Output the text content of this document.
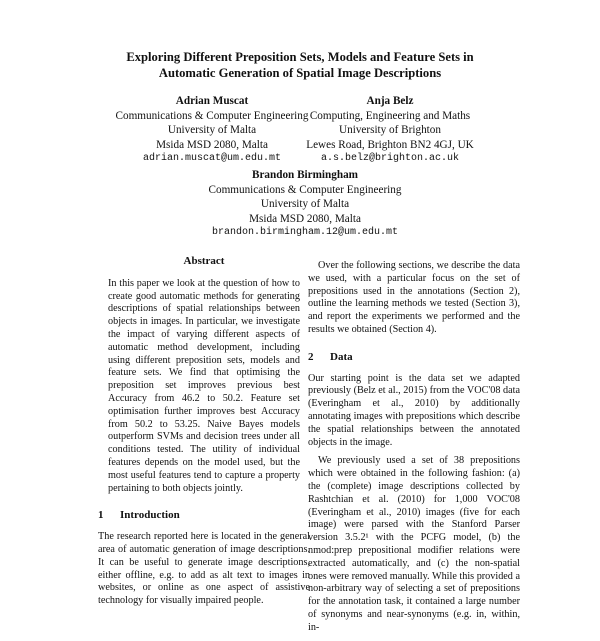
Exploring Different Preposition Sets, Models and Feature Sets in
Automatic Generation of Spatial Image Descriptions
Adrian Muscat
Communications & Computer Engineering
University of Malta
Msida MSD 2080, Malta
adrian.muscat@um.edu.mt
Anja Belz
Computing, Engineering and Maths
University of Brighton
Lewes Road, Brighton BN2 4GJ, UK
a.s.belz@brighton.ac.uk
Brandon Birmingham
Communications & Computer Engineering
University of Malta
Msida MSD 2080, Malta
brandon.birmingham.12@um.edu.mt
Abstract

In this paper we look at the question of how to create good automatic methods for generating descriptions of spatial relationships between objects in images. In particular, we investigate the impact of varying different aspects of automatic method development, including using different preposition sets, models and feature sets. We find that optimising the preposition set improves previous best Accuracy from 46.2 to 50.2. Feature set optimisation further improves best Accuracy from 50.2 to 53.25. Naive Bayes models outperform SVMs and decision trees under all conditions tested. The utility of individual features depends on the model used, but the most useful features tend to capture a property pertaining to both objects jointly.

1 Introduction

The research reported here is located in the general area of automatic generation of image descriptions. It can be useful to generate image descriptions, either offline, e.g. to add as alt text to images in websites, or online as one aspect of assistive technology for visually impaired people.

Over the following sections, we describe the data we used, with a particular focus on the set of prepositions used in the annotations (Section 2), outline the learning methods we tested (Section 3), and report the experiments we performed and the results we obtained (Section 4).

2 Data

Our starting point is the data set we adapted previously (Belz et al., 2015) from the VOC'08 data (Everingham et al., 2010) by additionally annotating images with prepositions which describe the spatial relationships between the annotated objects in the image.

We previously used a set of 38 prepositions which were obtained in the following fashion: (a) the (complete) image descriptions collected by Rashtchian et al. (2010) for 1,000 VOC'08 (Everingham et al., 2010) images (five for each image) were parsed with the Stanford Parser version 3.5.2¹ with the PCFG model, (b) the nmod:prep prepositional modifier relations were extracted automatically, and (c) the non-spatial ones were removed manually. While this provided a non-arbitrary way of selecting a set of prepositions for the annotation task, it contained a large number of synonyms and near-synonyms (e.g. in, within, in-
